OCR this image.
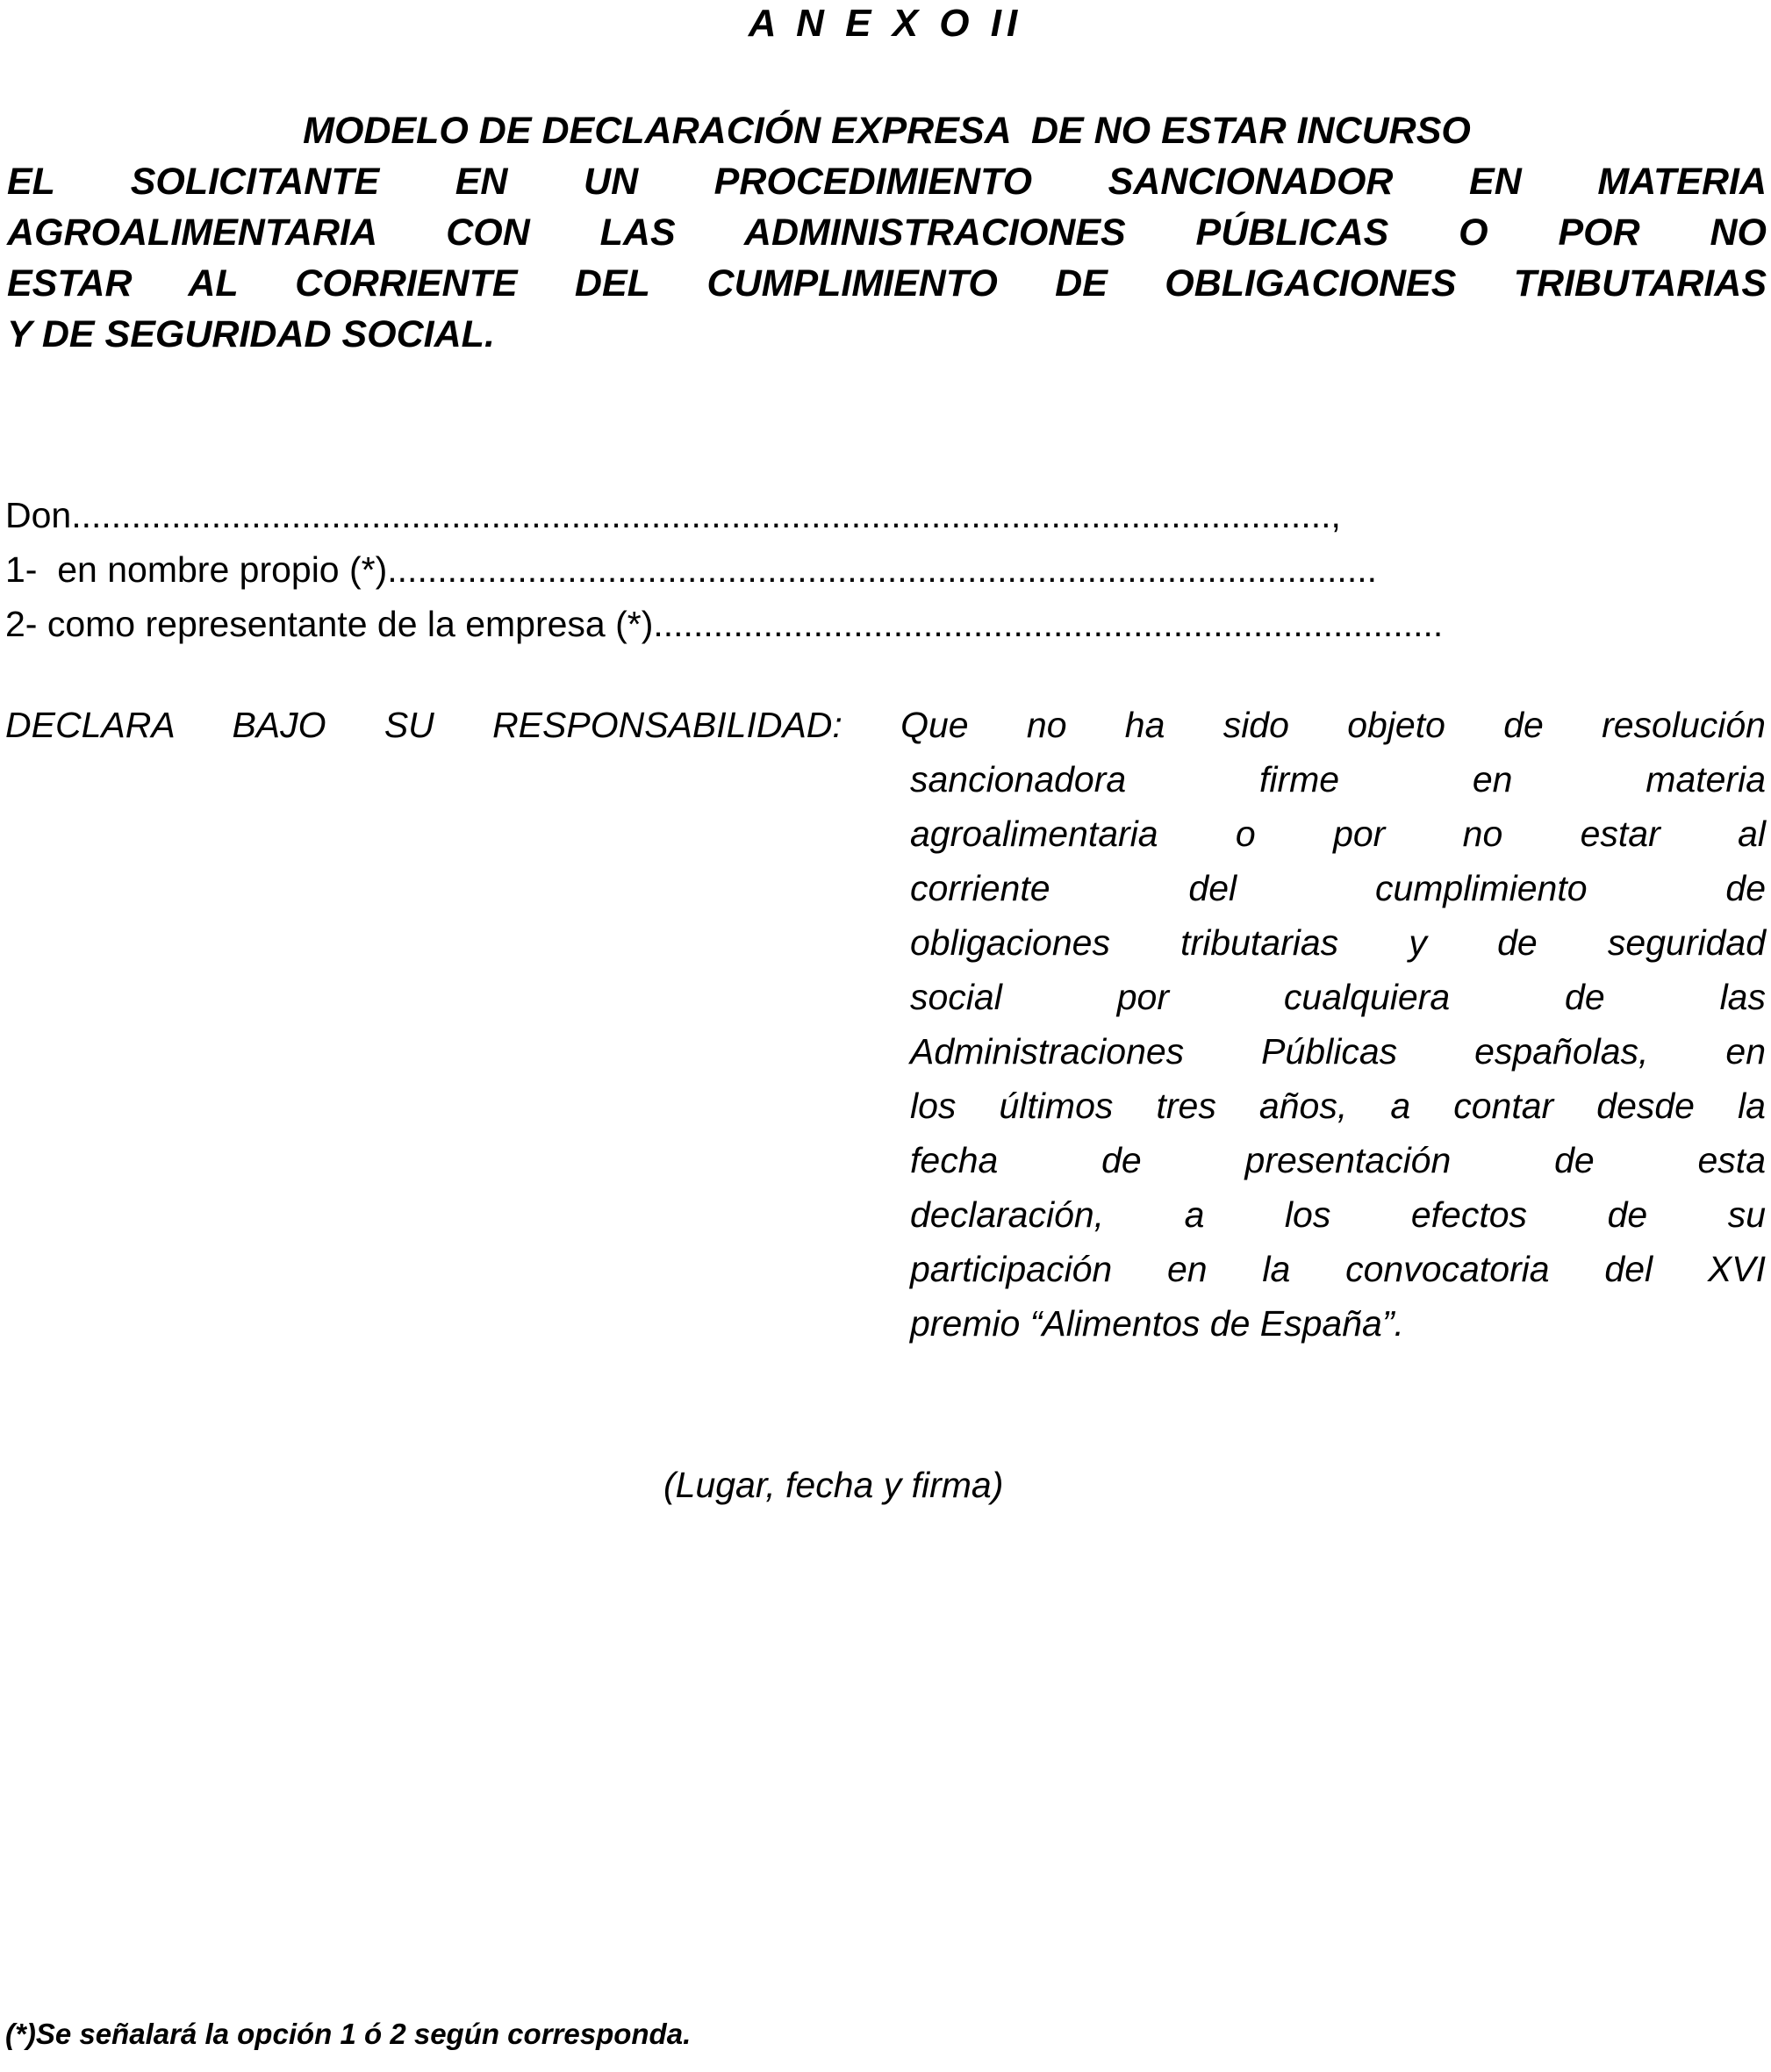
A N E X O II
MODELO DE DECLARACIÓN EXPRESA  DE NO ESTAR INCURSO
EL SOLICITANTE EN UN PROCEDIMIENTO SANCIONADOR EN MATERIA
AGROALIMENTARIA CON LAS ADMINISTRACIONES PÚBLICAS O POR NO
ESTAR AL CORRIENTE DEL CUMPLIMIENTO DE OBLIGACIONES TRIBUTARIAS
Y DE SEGURIDAD SOCIAL.
Don..............................................................................................................................,
1-  en nombre propio (*)...................................................................................................
2- como representante de la empresa (*)...............................................................................
DECLARA BAJO SU RESPONSABILIDAD: Que no ha sido objeto de resolución
sancionadora firme en materia
agroalimentaria o por no estar al
corriente del cumplimiento de
obligaciones tributarias y de seguridad
social por cualquiera de las
Administraciones Públicas españolas, en
los últimos tres años, a contar desde la
fecha de presentación de esta
declaración, a los efectos de su
participación en la convocatoria del XVI
premio “Alimentos de España”.
(Lugar, fecha y firma)
(*)Se señalará la opción 1 ó 2 según corresponda.
